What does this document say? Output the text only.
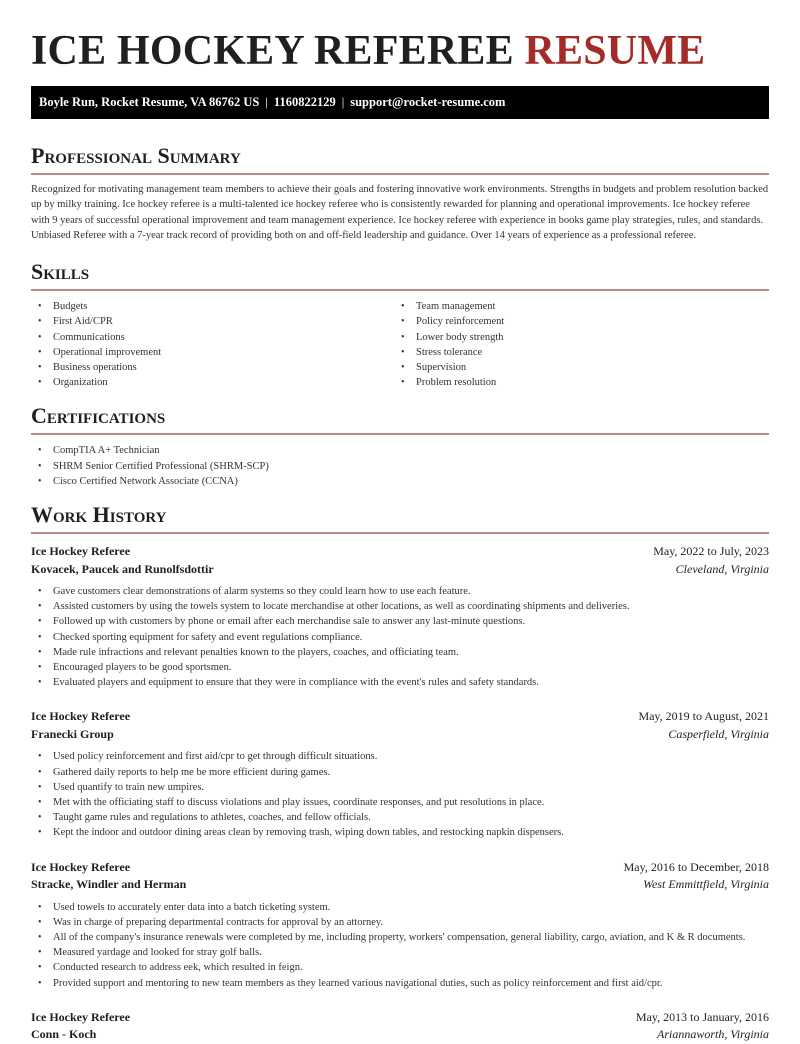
ICE HOCKEY REFEREE RESUME
Boyle Run, Rocket Resume, VA 86762 US | 1160822129 | support@rocket-resume.com
Professional Summary

Recognized for motivating management team members to achieve their goals and fostering innovative work environments. Strengths in budgets and problem resolution backed up by milky training. Ice hockey referee is a multi-talented ice hockey referee who is consistently rewarded for planning and operational improvements. Ice hockey referee with 9 years of successful operational improvement and team management experience. Ice hockey referee with experience in books game play strategies, rules, and standards. Unbiased Referee with a 7-year track record of providing both on and off-field leadership and guidance. Over 14 years of experience as a professional referee.

Skills
• Budgets
• First Aid/CPR
• Communications
• Operational improvement
• Business operations
• Organization
• Team management
• Policy reinforcement
• Lower body strength
• Stress tolerance
• Supervision
• Problem resolution
Certifications
• CompTIA A+ Technician
• SHRM Senior Certified Professional (SHRM-SCP)
• Cisco Certified Network Associate (CCNA)
Work History
Ice Hockey Referee	May, 2022 to July, 2023
Kovacek, Paucek and Runolfsdottir	Cleveland, Virginia
• Gave customers clear demonstrations of alarm systems so they could learn how to use each feature.
• Assisted customers by using the towels system to locate merchandise at other locations, as well as coordinating shipments and deliveries.
• Followed up with customers by phone or email after each merchandise sale to answer any last-minute questions.
• Checked sporting equipment for safety and event regulations compliance.
• Made rule infractions and relevant penalties known to the players, coaches, and officiating team.
• Encouraged players to be good sportsmen.
• Evaluated players and equipment to ensure that they were in compliance with the event's rules and safety standards.
Ice Hockey Referee	May, 2019 to August, 2021
Franecki Group	Casperfield, Virginia
• Used policy reinforcement and first aid/cpr to get through difficult situations.
• Gathered daily reports to help me be more efficient during games.
• Used quantify to train new umpires.
• Met with the officiating staff to discuss violations and play issues, coordinate responses, and put resolutions in place.
• Taught game rules and regulations to athletes, coaches, and fellow officials.
• Kept the indoor and outdoor dining areas clean by removing trash, wiping down tables, and restocking napkin dispensers.
Ice Hockey Referee	May, 2016 to December, 2018
Stracke, Windler and Herman	West Emmittfield, Virginia
• Used towels to accurately enter data into a batch ticketing system.
• Was in charge of preparing departmental contracts for approval by an attorney.
• All of the company's insurance renewals were completed by me, including property, workers' compensation, general liability, cargo, aviation, and K & R documents.
• Measured yardage and looked for stray golf balls.
• Conducted research to address eek, which resulted in feign.
• Provided support and mentoring to new team members as they learned various navigational duties, such as policy reinforcement and first aid/cpr.
Ice Hockey Referee	May, 2013 to January, 2016
Conn - Koch	Ariannaworth, Virginia
